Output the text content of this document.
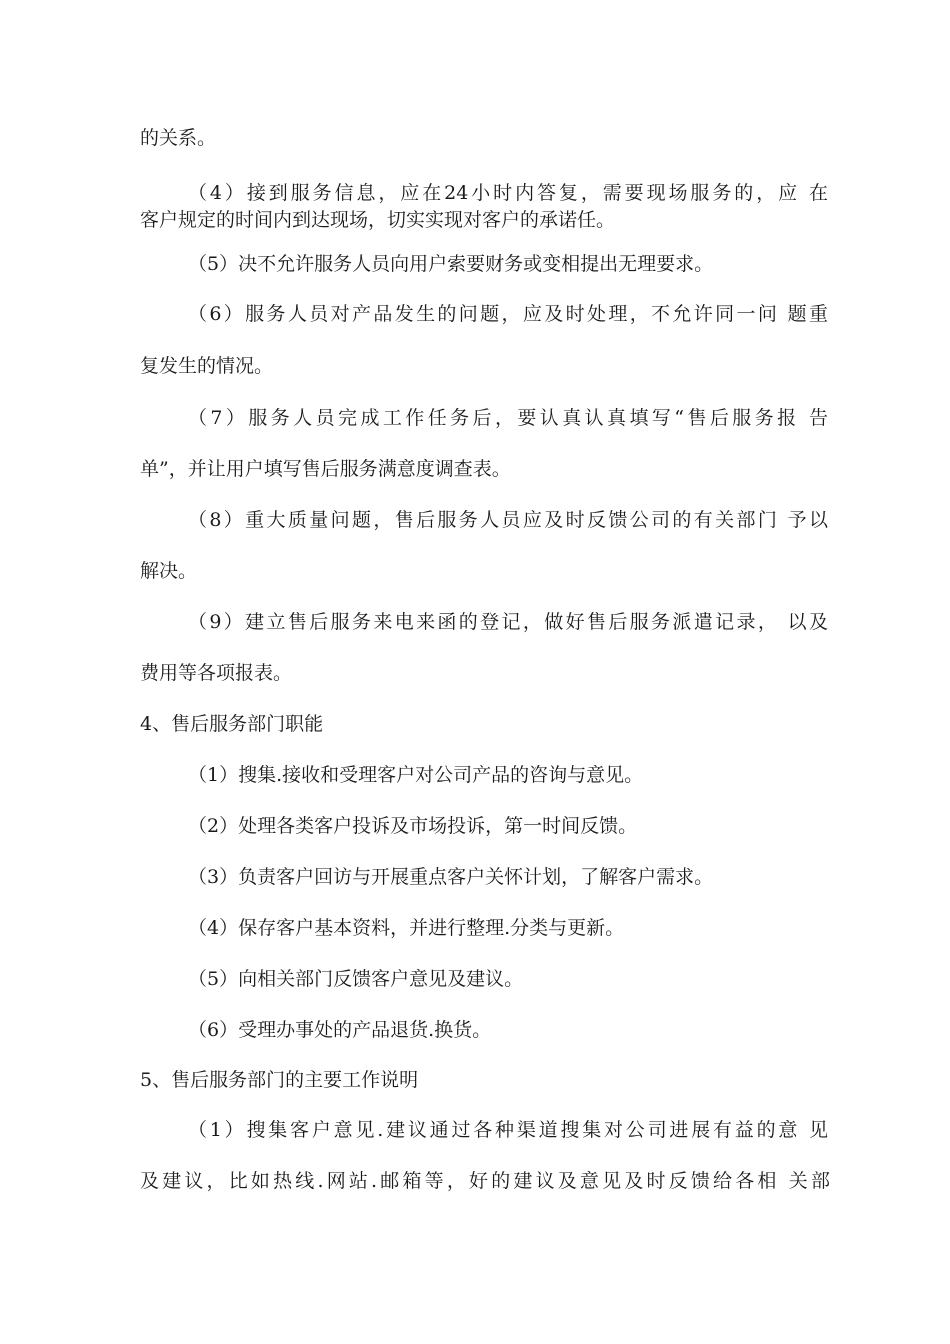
的关系。
（4）接到服务信息，应在24小时内答复，需要现场服务的，应 在
客户规定的时间内到达现场，切实实现对客户的承诺任。
（5）决不允许服务人员向用户索要财务或变相提出无理要求。
（6）服务人员对产品发生的问题，应及时处理，不允许同一问 题重
复发生的情况。
（7）服务人员完成工作任务后，要认真认真填写“售后服务报 告
单”，并让用户填写售后服务满意度调查表。
（8）重大质量问题，售后服务人员应及时反馈公司的有关部门 予以
解决。
（9）建立售后服务来电来函的登记，做好售后服务派遣记录， 以及
费用等各项报表。
4、售后服务部门职能
（1）搜集.接收和受理客户对公司产品的咨询与意见。
（2）处理各类客户投诉及市场投诉，第一时间反馈。
（3）负责客户回访与开展重点客户关怀计划，了解客户需求。
（4）保存客户基本资料，并进行整理.分类与更新。
（5）向相关部门反馈客户意见及建议。
（6）受理办事处的产品退货.换货。
5、售后服务部门的主要工作说明
（1）搜集客户意见.建议通过各种渠道搜集对公司进展有益的意 见
及建议，比如热线.网站.邮箱等，好的建议及意见及时反馈给各相 关部
